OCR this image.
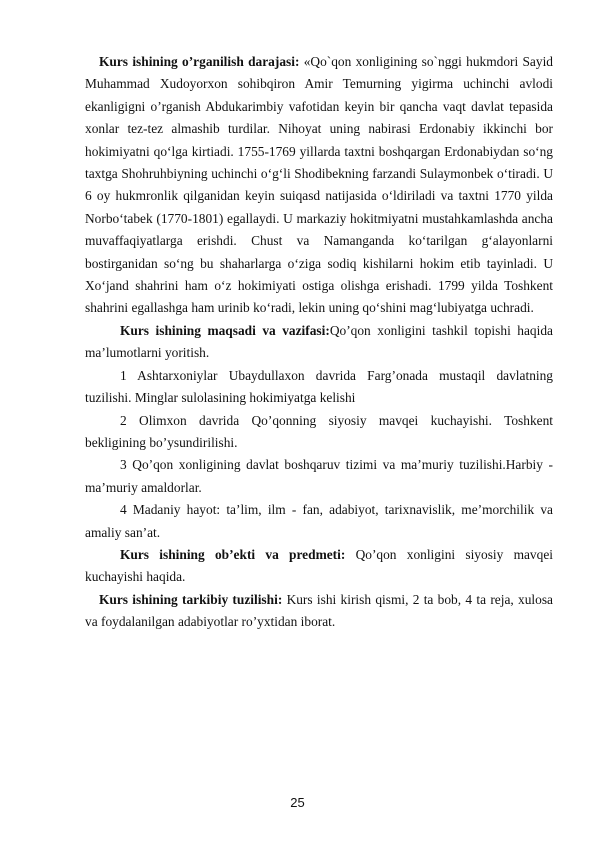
Kurs ishining o’rganilish darajasi: «Qo`qon xonligining so`nggi hukmdori Sayid Muhammad Xudoyorxon sohibqiron Amir Temurning yigirma uchinchi avlodi ekanligigni o’rganish Abdukarimbiy vafotidan keyin bir qancha vaqt davlat tepasida xonlar tez-tez almashib turdilar. Nihoyat uning nabirasi Erdonabiy ikkinchi bor hokimiyatni qo‘lga kirtiadi. 1755-1769 yillarda taxtni boshqargan Erdonabiydan so‘ng taxtga Shohruhbiyning uchinchi o‘g‘li Shodibekning farzandi Sulaymonbek o‘tiradi. U 6 oy hukmronlik qilganidan keyin suiqasd natijasida o‘ldiriladi va taxtni 1770 yilda Norbo‘tabek (1770-1801) egallaydi. U markaziy hokitmiyatni mustahkamlashda ancha muvaffaqiyatlarga erishdi. Chust va Namanganda ko‘tarilgan g‘alayonlarni bostirganidan so‘ng bu shaharlarga o‘ziga sodiq kishilarni hokim etib tayinladi. U Xo‘jand shahrini ham o‘z hokimiyati ostiga olishga erishadi. 1799 yilda Toshkent shahrini egallashga ham urinib ko‘radi, lekin uning qo‘shini mag‘lubiyatga uchradi.

Kurs ishining maqsadi va vazifasi:Qo’qon xonligini tashkil topishi haqida ma’lumotlarni yoritish.

1 Ashtarxoniylar Ubaydullaxon davrida Farg’onada mustaqil davlatning tuzilishi. Minglar sulolasining hokimiyatga kelishi

2 Olimxon davrida Qo’qonning siyosiy mavqei kuchayishi. Toshkent bekligining bo’ysundirilishi.

3 Qo’qon xonligining davlat boshqaruv tizimi va ma’muriy tuzilishi.Harbiy - ma’muriy amaldorlar.

4 Madaniy hayot: ta’lim, ilm - fan, adabiyot, tarixnavislik, me’morchilik va amaliy san’at.

Kurs ishining ob’ekti va predmeti: Qo’qon xonligini siyosiy mavqei kuchayishi haqida.

Kurs ishining tarkibiy tuzilishi: Kurs ishi kirish qismi, 2 ta bob, 4 ta reja, xulosa va foydalanilgan adabiyotlar ro’yxtidan iborat.

25
